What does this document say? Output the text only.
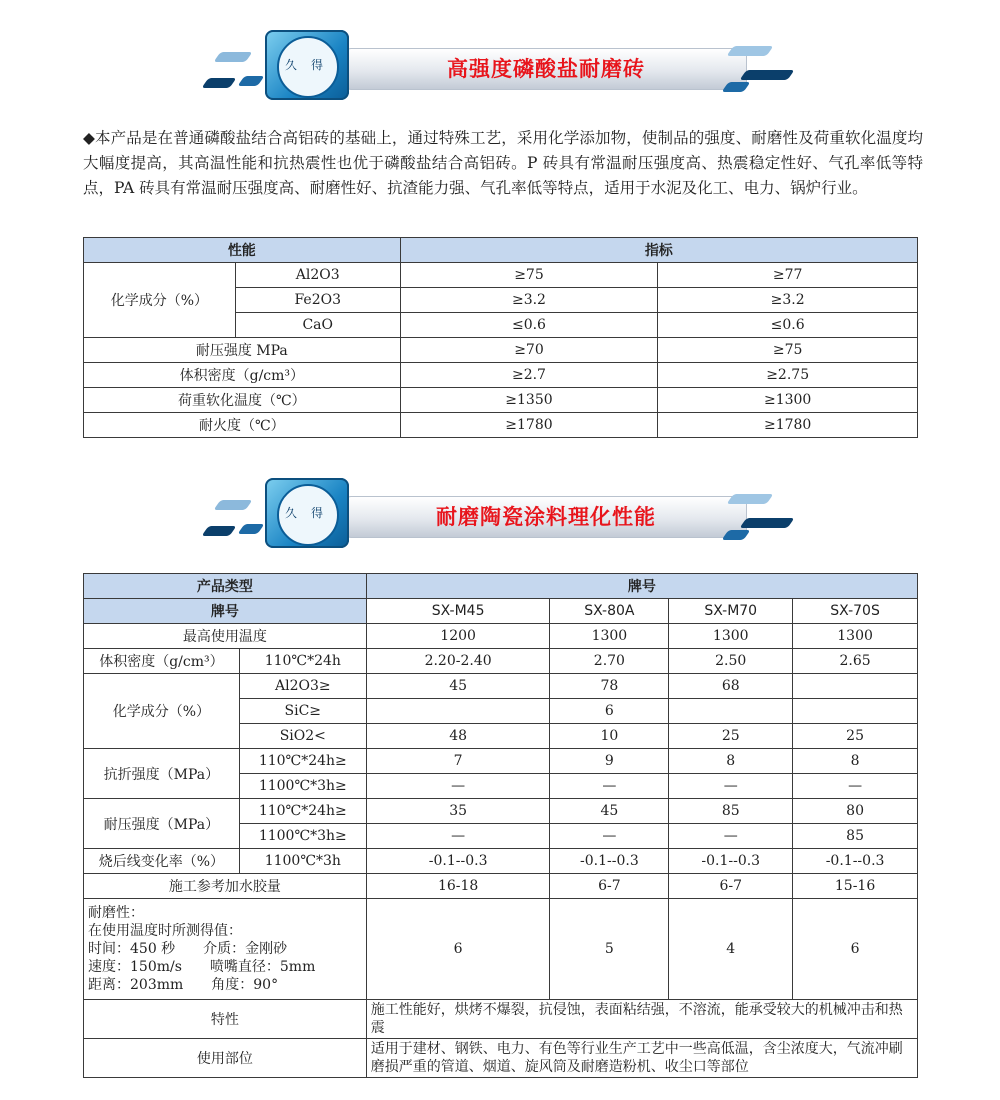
高强度磷酸盐耐磨砖
久 得
◆本产品是在普通磷酸盐结合高铝砖的基础上，通过特殊工艺，采用化学添加物，使制品的强度、耐磨性及荷重软化温度均大幅度提高，其高温性能和抗热震性也优于磷酸盐结合高铝砖。P 砖具有常温耐压强度高、热震稳定性好、气孔率低等特点，PA 砖具有常温耐压强度高、耐磨性好、抗渣能力强、气孔率低等特点，适用于水泥及化工、电力、锅炉行业。
性能		指标	
化学成分（%）	Al2O3	≥75	≥77
	Fe2O3	≥3.2	≥3.2
	CaO	≤0.6	≤0.6
耐压强度 MPa		≥70	≥75
体积密度（g/cm³）		≥2.7	≥2.75
荷重软化温度（℃）		≥1350	≥1300
耐火度（℃）		≥1780	≥1780
耐磨陶瓷涂料理化性能
久 得
产品类型		牌号			
牌号		SX-M45	SX-80A	SX-M70	SX-70S
最高使用温度		1200	1300	1300	1300
体积密度（g/cm³）	110℃*24h	2.20-2.40	2.70	2.50	2.65
化学成分（%）	Al2O3≥	45	78	68	
	SiC≥		6		
	SiO2<	48	10	25	25
抗折强度（MPa）	110℃*24h≥	7	9	8	8
	1100℃*3h≥	—	—	—	—
耐压强度（MPa）	110℃*24h≥	35	45	85	80
	1100℃*3h≥	—	—	—	85
烧后线变化率（%）	1100℃*3h	-0.1--0.3	-0.1--0.3	-0.1--0.3	-0.1--0.3
施工参考加水胶量		16-18	6-7	6-7	15-16

耐磨性：
在使用温度时所测得值：
时间：450 秒　　介质：金刚砂
速度：150m/s　　喷嘴直径：5mm
距离：203mm　　角度：90°		6	5	4	6
特性		施工性能好，烘烤不爆裂，抗侵蚀，表面粘结强，不溶流，能承受较大的机械冲击和热震			
使用部位		适用于建材、钢铁、电力、有色等行业生产工艺中一些高低温，含尘浓度大，气流冲刷磨损严重的管道、烟道、旋风筒及耐磨造粉机、收尘口等部位			
